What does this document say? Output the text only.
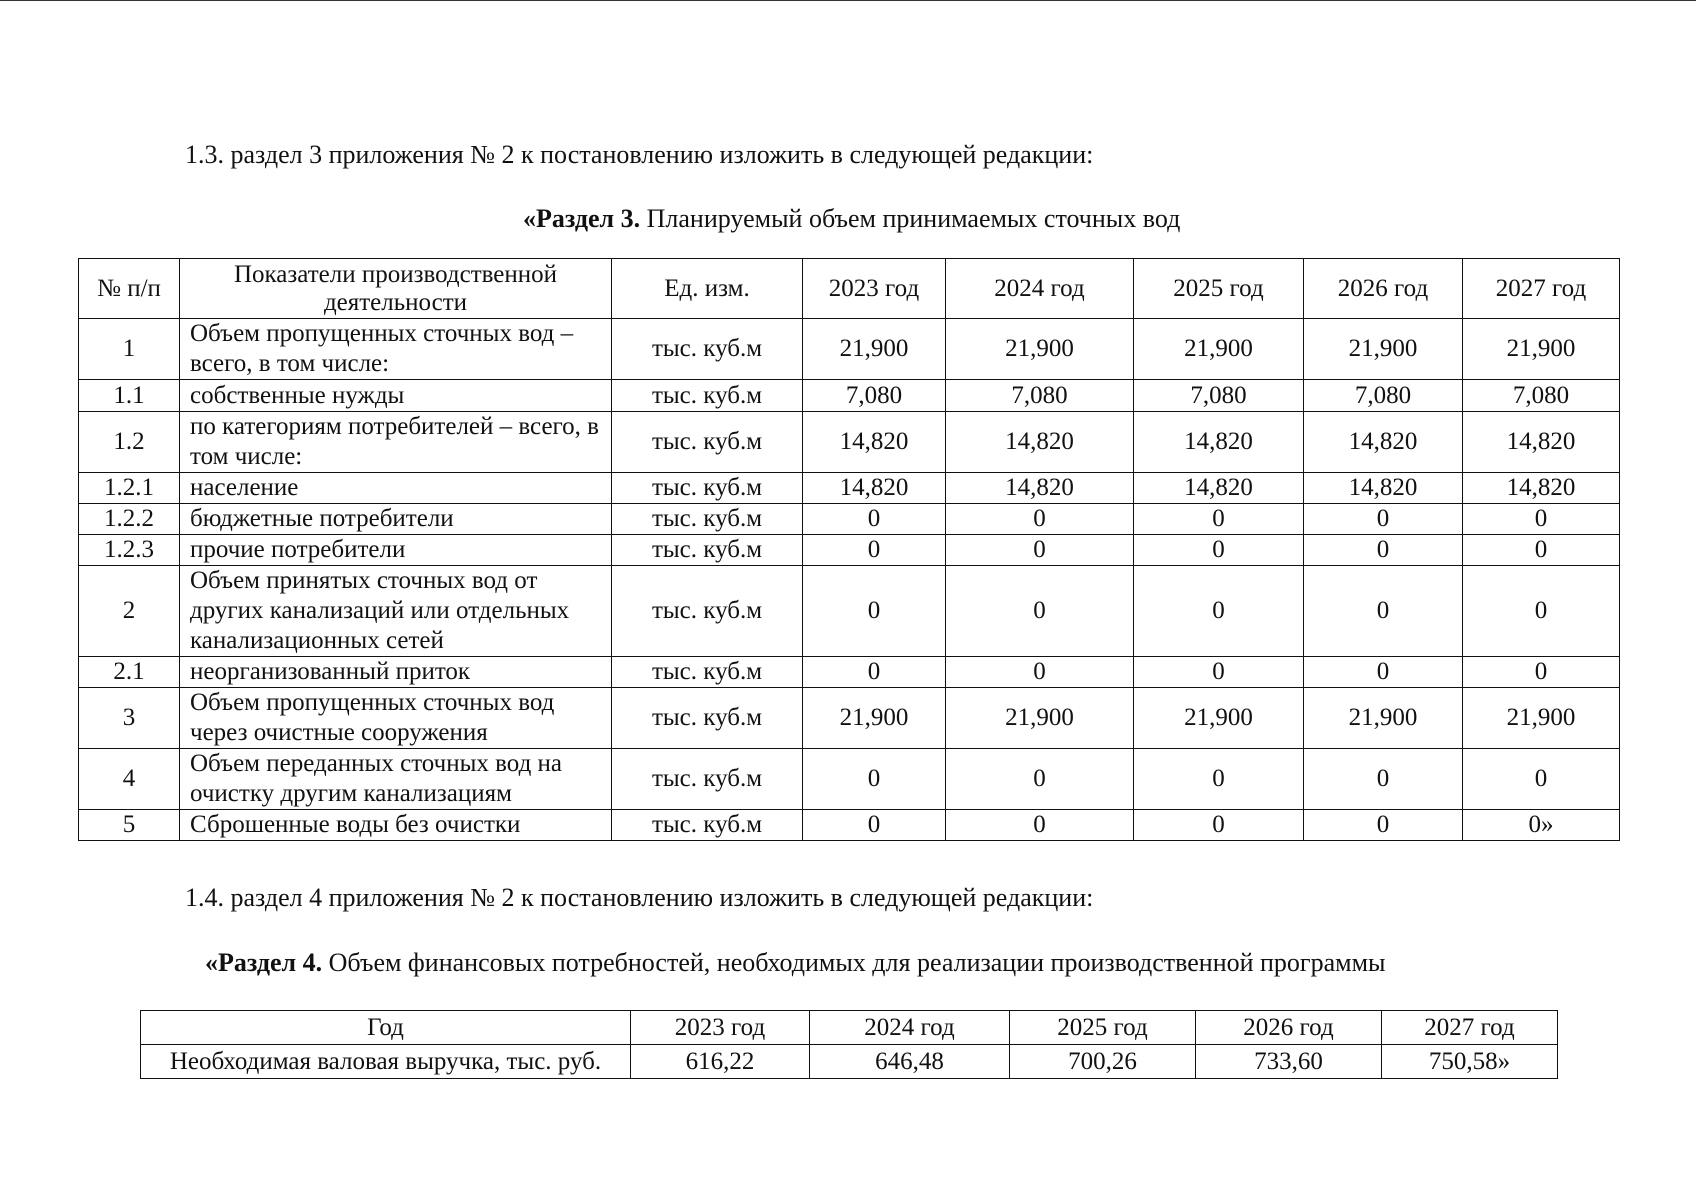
1.3. раздел 3 приложения № 2 к постановлению изложить в следующей редакции:
«Раздел 3. Планируемый объем принимаемых сточных вод
№ п/п	Показатели производственной деятельности	Ед. изм.	2023 год	2024 год	2025 год	2026 год	2027 год
1	Объем пропущенных сточных вод – всего, в том числе:	тыс. куб.м	21,900	21,900	21,900	21,900	21,900
1.1	собственные нужды	тыс. куб.м	7,080	7,080	7,080	7,080	7,080
1.2	по категориям потребителей – всего, в том числе:	тыс. куб.м	14,820	14,820	14,820	14,820	14,820
1.2.1	население	тыс. куб.м	14,820	14,820	14,820	14,820	14,820
1.2.2	бюджетные потребители	тыс. куб.м	0	0	0	0	0
1.2.3	прочие потребители	тыс. куб.м	0	0	0	0	0
2	Объем принятых сточных вод от других канализаций или отдельных канализационных сетей	тыс. куб.м	0	0	0	0	0
2.1	неорганизованный приток	тыс. куб.м	0	0	0	0	0
3	Объем пропущенных сточных вод через очистные сооружения	тыс. куб.м	21,900	21,900	21,900	21,900	21,900
4	Объем переданных сточных вод на очистку другим канализациям	тыс. куб.м	0	0	0	0	0
5	Сброшенные воды без очистки	тыс. куб.м	0	0	0	0	0»
1.4. раздел 4 приложения № 2 к постановлению изложить в следующей редакции:
«Раздел 4. Объем финансовых потребностей, необходимых для реализации производственной программы
Год	2023 год	2024 год	2025 год	2026 год	2027 год
Необходимая валовая выручка, тыс. руб.	616,22	646,48	700,26	733,60	750,58»
